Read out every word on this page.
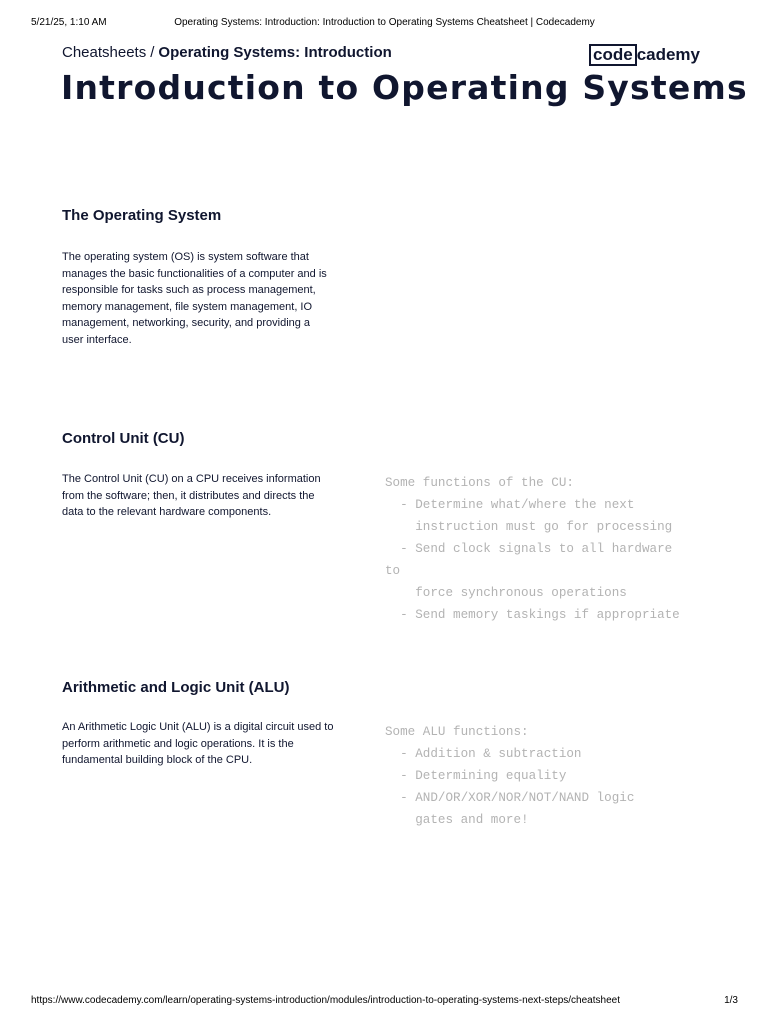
5/21/25, 1:10 AM	Operating Systems: Introduction: Introduction to Operating Systems Cheatsheet | Codecademy
Cheatsheets / Operating Systems: Introduction	code cademy
Introduction to Operating Systems
The Operating System

The operating system (OS) is system software that manages the basic functionalities of a computer and is responsible for tasks such as process management, memory management, file system management, IO management, networking, security, and providing a user interface.

Control Unit (CU)

The Control Unit (CU) on a CPU receives information from the software; then, it distributes and directs the data to the relevant hardware components.

Some functions of the CU:
- Determine what/where the next
instruction must go for processing
- Send clock signals to all hardware
to
force synchronous operations
- Send memory taskings if appropriate
Arithmetic and Logic Unit (ALU)

An Arithmetic Logic Unit (ALU) is a digital circuit used to perform arithmetic and logic operations. It is the fundamental building block of the CPU.

Some ALU functions:
- Addition & subtraction
- Determining equality
- AND/OR/XOR/NOR/NOT/NAND logic
gates and more!
https://www.codecademy.com/learn/operating-systems-introduction/modules/introduction-to-operating-systems-next-steps/cheatsheet	1/3
